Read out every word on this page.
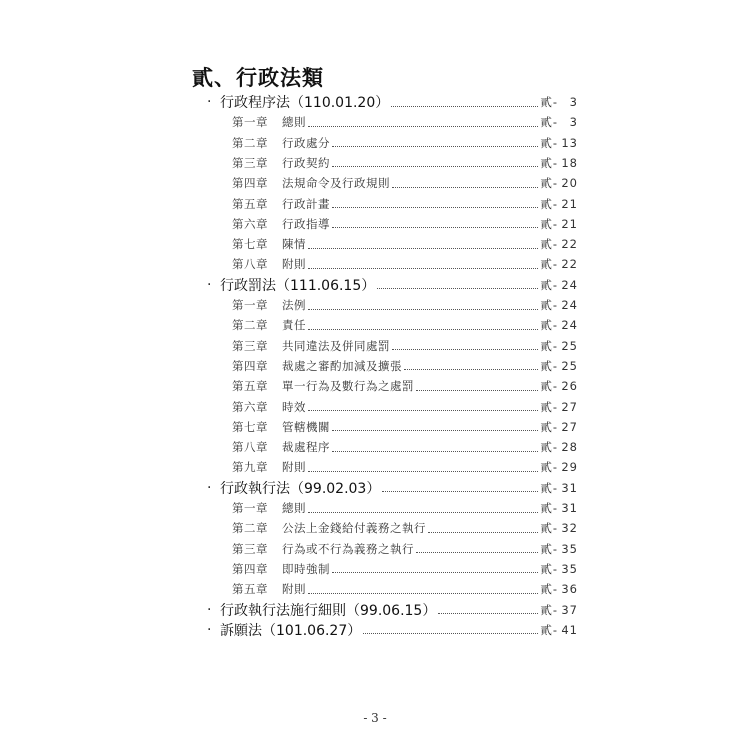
貳、行政法類
· 行政程序法（110.01.20）	貳- 3
第一章	總則	貳- 3
第二章	行政處分	貳- 13
第三章	行政契約	貳- 18
第四章	法規命令及行政規則	貳- 20
第五章	行政計畫	貳- 21
第六章	行政指導	貳- 21
第七章	陳情	貳- 22
第八章	附則	貳- 22
· 行政罰法（111.06.15）	貳- 24
第一章	法例	貳- 24
第二章	責任	貳- 24
第三章	共同違法及併同處罰	貳- 25
第四章	裁處之審酌加減及擴張	貳- 25
第五章	單一行為及數行為之處罰	貳- 26
第六章	時效	貳- 27
第七章	管轄機關	貳- 27
第八章	裁處程序	貳- 28
第九章	附則	貳- 29
· 行政執行法（99.02.03）	貳- 31
第一章	總則	貳- 31
第二章	公法上金錢給付義務之執行	貳- 32
第三章	行為或不行為義務之執行	貳- 35
第四章	即時強制	貳- 35
第五章	附則	貳- 36
· 行政執行法施行細則（99.06.15）	貳- 37
· 訴願法（101.06.27）	貳- 41
- 3 -
